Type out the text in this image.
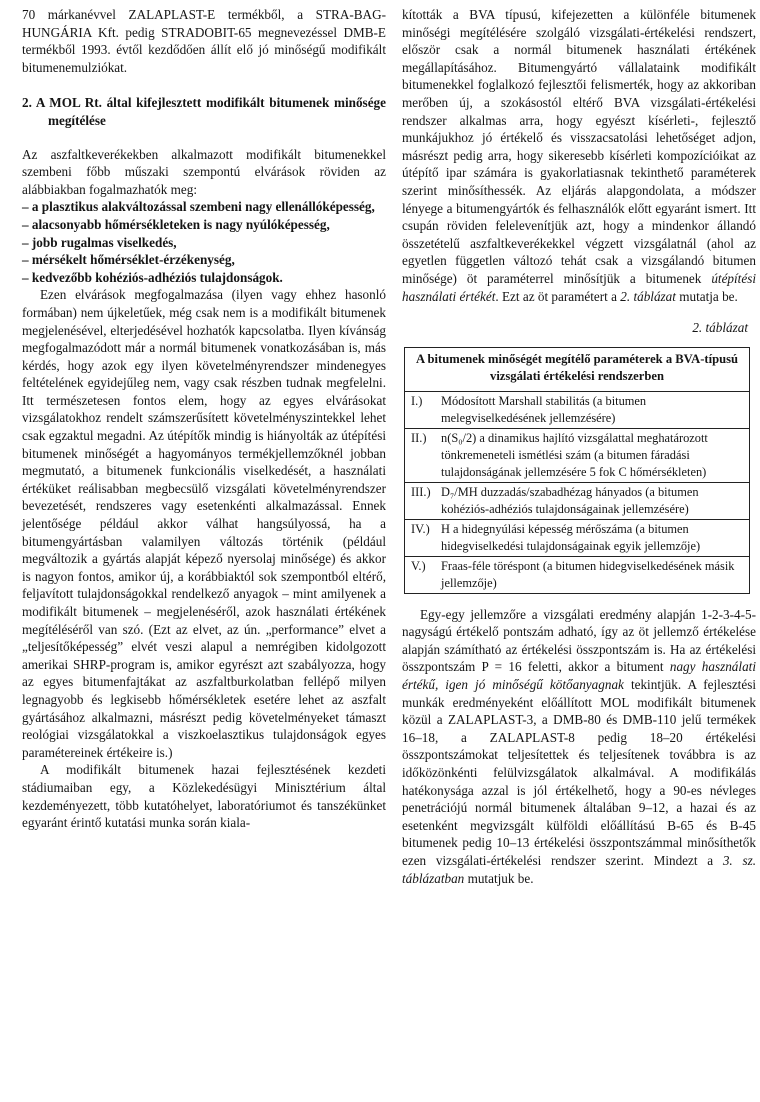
70 márkanévvel ZALAPLAST-E termékből, a STRA-BAG-HUNGÁRIA Kft. pedig STRADOBIT-65 megnevezéssel DMB-E termékből 1993. évtől kezdődően állít elő jó minőségű modifikált bitumenemulziókat.

2. A MOL Rt. által kifejlesztett modifikált bitumenek minősége megítélése

Az aszfaltkeverékekben alkalmazott modifikált bitumenekkel szembeni főbb műszaki szempontú elvárások röviden az alábbiakban fogalmazhatók meg:

– a plasztikus alakváltozással szembeni nagy ellenállóképesség,
– alacsonyabb hőmérsékleteken is nagy nyúlóképesség,
– jobb rugalmas viselkedés,
– mérsékelt hőmérséklet-érzékenység,
– kedvezőbb kohéziós-adhéziós tulajdonságok.

Ezen elvárások megfogalmazása (ilyen vagy ehhez hasonló formában) nem újkeletűek, még csak nem is a modifikált bitumenek megjelenésével, elterjedésével hozhatók kapcsolatba. Ilyen kívánság megfogalmazódott már a normál bitumenek vonatkozásában is, más kérdés, hogy azok egy ilyen követelményrendszer mindenegyes feltételének egyidejűleg nem, vagy csak részben tudnak megfelelni. Itt természetesen fontos elem, hogy az egyes elvárásokat vizsgálatokhoz rendelt számszerűsített követelményszintekkel lehet csak egzaktul megadni. Az útépítők mindig is hiányolták az útépítési bitumenek minőségét a hagyományos termékjellemzőknél jobban megmutató, a bitumenek funkcionális viselkedését, a használati értéküket reálisabban megbecsülő vizsgálati követelményrendszer bevezetését, rendszeres vagy esetenkénti alkalmazással. Ennek jelentősége például akkor válhat hangsúlyossá, ha a bitumengyártásban valamilyen változás történik (például megváltozik a gyártás alapját képező nyersolaj minősége) és akkor is nagyon fontos, amikor új, a korábbiaktól sok szempontból eltérő, feljavított tulajdonságokkal rendelkező anyagok – mint amilyenek a modifikált bitumenek – megjelenéséről, azok használati értékének megítéléséről van szó. (Ezt az elvet, az ún. „performance” elvet a „teljesítőképesség” elvét veszi alapul a nemrégiben kidolgozott amerikai SHRP-program is, amikor egyrészt azt szabályozza, hogy az egyes bitumenfajtákat az aszfaltburkolatban fellépő milyen legnagyobb és legkisebb hőmérsékletek esetére lehet az aszfalt gyártásához alkalmazni, másrészt pedig követelményeket támaszt reológiai vizsgálatokkal a viszkoelasztikus tulajdonságok egyes paramétereinek értékeire is.)

A modifikált bitumenek hazai fejlesztésének kezdeti stádiumaiban egy, a Közlekedésügyi Minisztérium által kezdeményezett, több kutatóhelyet, laboratóriumot és tanszékünket egyaránt érintő kutatási munka során kiala-

kították a BVA típusú, kifejezetten a különféle bitumenek minőségi megítélésére szolgáló vizsgálati-értékelési rendszert, először csak a normál bitumenek használati értékének megállapításához. Bitumengyártó vállalataink modifikált bitumenekkel foglalkozó fejlesztői felismerték, hogy az akkoriban merőben új, a szokásostól eltérő BVA vizsgálati-értékelési rendszer alkalmas arra, hogy egyészt kísérleti-, fejlesztő munkájukhoz jó értékelő és visszacsatolási lehetőséget adjon, másrészt pedig arra, hogy sikeresebb kísérleti kompozícióikat az útépítő ipar számára is gyakorlatiasnak tekinthető paraméterek szerint minősíthessék. Az eljárás alapgondolata, a módszer lényege a bitumengyártók és felhasználók előtt egyaránt ismert. Itt csupán röviden felelevenítjük azt, hogy a mindenkor állandó összetételű aszfaltkeverékekkel végzett vizsgálatnál (ahol az egyetlen független változó tehát csak a vizsgálandó bitumen minősége) öt paraméterrel minősítjük a bitumenek útépítési használati értékét. Ezt az öt paramétert a 2. táblázat mutatja be.

2. táblázat
A bitumenek minőségét megítélő paraméterek a BVA-típusú vizsgálati értékelési rendszerben
I.)	Módosított Marshall stabilitás (a bitumen melegviselkedésének jellemzésére)
II.)	n(S₀/2) a dinamikus hajlító vizsgálattal meghatározott tönkremeneteli ismétlési szám (a bitumen fáradási tulajdonságának jellemzésére 5 fok C hőmérsékleten)
III.) D₇/MH duzzadás/szabadhézag hányados (a bitumen kohéziós-adhéziós tulajdonságainak jellemzésére)
IV.) H a hidegnyúlási képesség mérőszáma (a bitumen hidegviselkedési tulajdonságainak egyik jellemzője)
V.)	Fraas-féle töréspont (a bitumen hidegviselkedésének másik jellemzője)

Egy-egy jellemzőre a vizsgálati eredmény alapján 1-2-3-4-5- nagyságú értékelő pontszám adható, így az öt jellemző értékelése alapján számítható az értékelési összpontszám is. Ha az értékelési összpontszám P = 16 feletti, akkor a bitument nagy használati értékű, igen jó minőségű kötőanyagnak tekintjük. A fejlesztési munkák eredményeként előállított MOL modifikált bitumenek közül a ZALAPLAST-3, a DMB-80 és DMB-110 jelű termékek 16–18, a ZALAPLAST-8 pedig 18–20 értékelési összpontszámokat teljesítettek és teljesítenek továbbra is az időközönkénti felülvizsgálatok alkalmával. A modifikálás hatékonysága azzal is jól értékelhető, hogy a 90-es névleges penetrációjú normál bitumenek általában 9–12, a hazai és az esetenként megvizsgált külföldi előállítású B-65 és B-45 bitumenek pedig 10–13 értékelési összpontszámmal minősíthetők ezen vizsgálati-értékelési rendszer szerint. Mindezt a 3. sz. táblázatban mutatjuk be.
